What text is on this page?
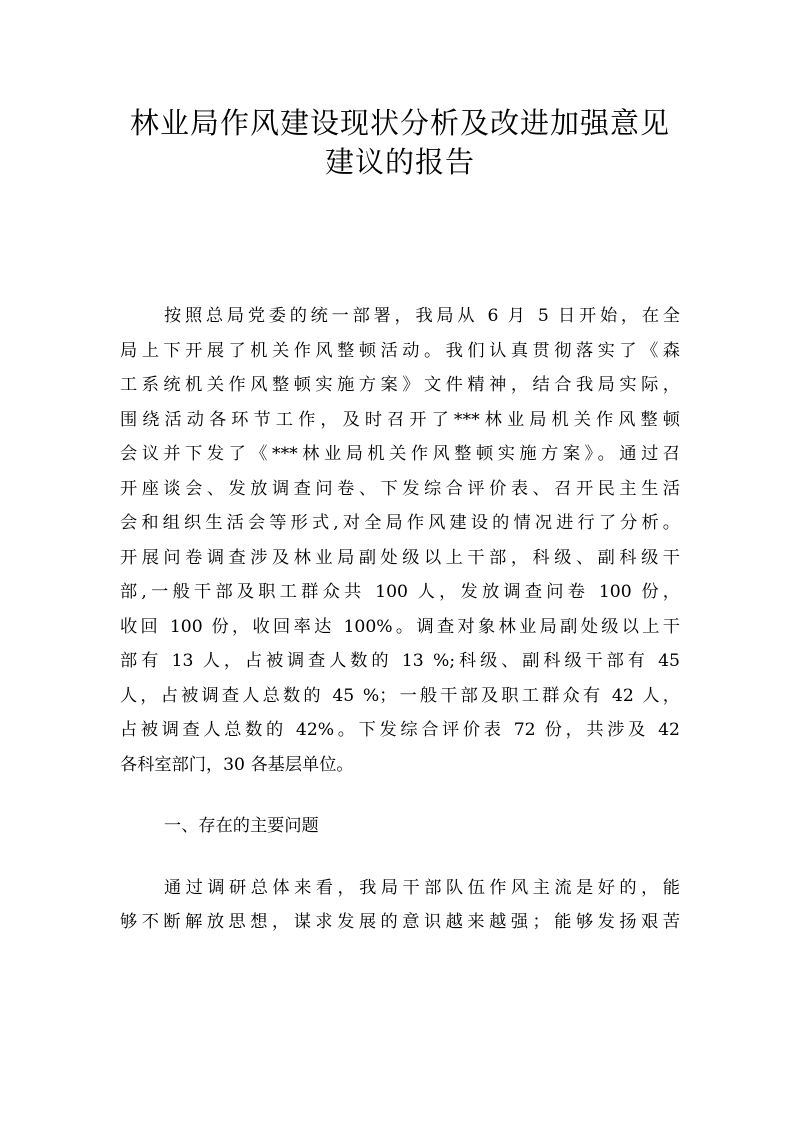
林业局作风建设现状分析及改进加强意见
建议的报告
按照总局党委的统一部署，我局从 6 月 5 日开始，在全
局上下开展了机关作风整顿活动。我们认真贯彻落实了《森
工系统机关作风整顿实施方案》文件精神，结合我局实际，
围绕活动各环节工作，及时召开了***林业局机关作风整顿
会议并下发了《***林业局机关作风整顿实施方案》。通过召
开座谈会、发放调查问卷、下发综合评价表、召开民主生活
会和组织生活会等形式,对全局作风建设的情况进行了分析。
开展问卷调查涉及林业局副处级以上干部，科级、副科级干
部,一般干部及职工群众共 100 人，发放调查问卷 100 份，
收回 100 份，收回率达 100%。调查对象林业局副处级以上干
部有 13 人，占被调查人数的 13 %;科级、副科级干部有 45
人，占被调查人总数的 45 %；一般干部及职工群众有 42 人，
占被调查人总数的 42%。下发综合评价表 72 份，共涉及 42
各科室部门，30 各基层单位。
一、存在的主要问题
通过调研总体来看，我局干部队伍作风主流是好的，能
够不断解放思想，谋求发展的意识越来越强；能够发扬艰苦
